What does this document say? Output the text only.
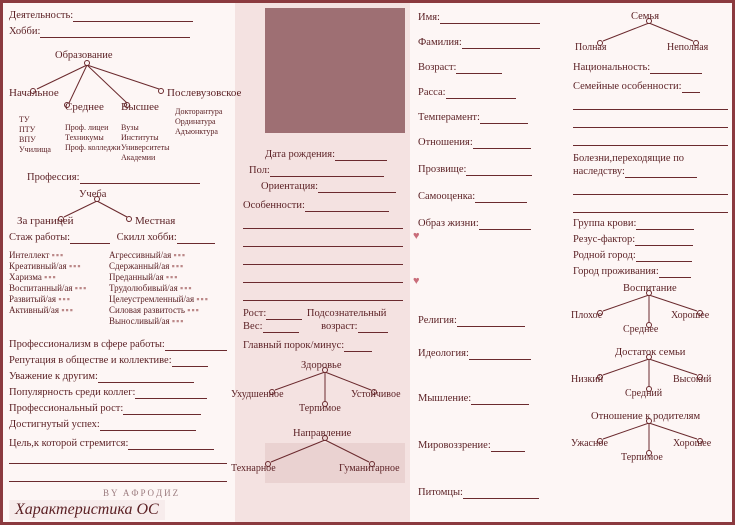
Деятельность:
Хобби:
Образование
Начальное	Послевузовское
Среднее Высшее
ТУ
ПТУ
ВПУ
Училища
Проф. лицеи
Техникумы
Проф. колледжи
Вузы
Институты
Университеты
Академии
Докторантура
Ординатура
Адъюнктура
Профессия:
Учеба
За границей	Местная
Стаж работы:	Скилл хобби:
Интеллект ▪▪▪
Креативный/ая ▪▪▪
Харизма ▪▪▪
Воспитанный/ая ▪▪▪
Развитый/ая ▪▪▪
Активный/ая ▪▪▪
Агрессивный/ая ▪▪▪
Сдержанный/ая ▪▪▪
Преданный/ая ▪▪▪
Трудолюбивый/ая ▪▪▪
Целеустремленный/ая ▪▪▪
Силовая развитость ▪▪▪
Выносливый/ая ▪▪▪
Профессионализм в сфере работы:
Репутация в обществе и коллективе:
Уважение к другим:
Популярность среди коллег:
Профессиональный рост:
Достигнутый успех:
Цель,к которой стремится:
Дата рождения:
Пол:
Ориентация:
Особенности:
Рост:	Подсознательный
Вес:	возраст:
Главный порок/минус:
Здоровье
Ухудшенное	Устойчивое
Терпимое
Направление
Технарное	Гуманитарное
♥
♥
Имя:
Фамилия:
Возраст:
Расса:
Темперамент:
Отношения:
Прозвище:
Самооценка:
Образ жизни:
Религия:
Идеология:
Мышление:
Мировоззрение:
Питомцы:
Семья
Полная	Неполная
Национальность:
Семейные особенности:
Болезни,переходящие по
наследству:
Группа крови:
Резус-фактор:
Родной город:
Город проживания:
Воспитание
Плохое	Хорошее
Среднее
Достаток семьи
Низкий	Высокий
Средний
Отношение к родителям
Ужасное	Хорошее
Терпимое
BY AФPOДИZ
Характеристика ОС
